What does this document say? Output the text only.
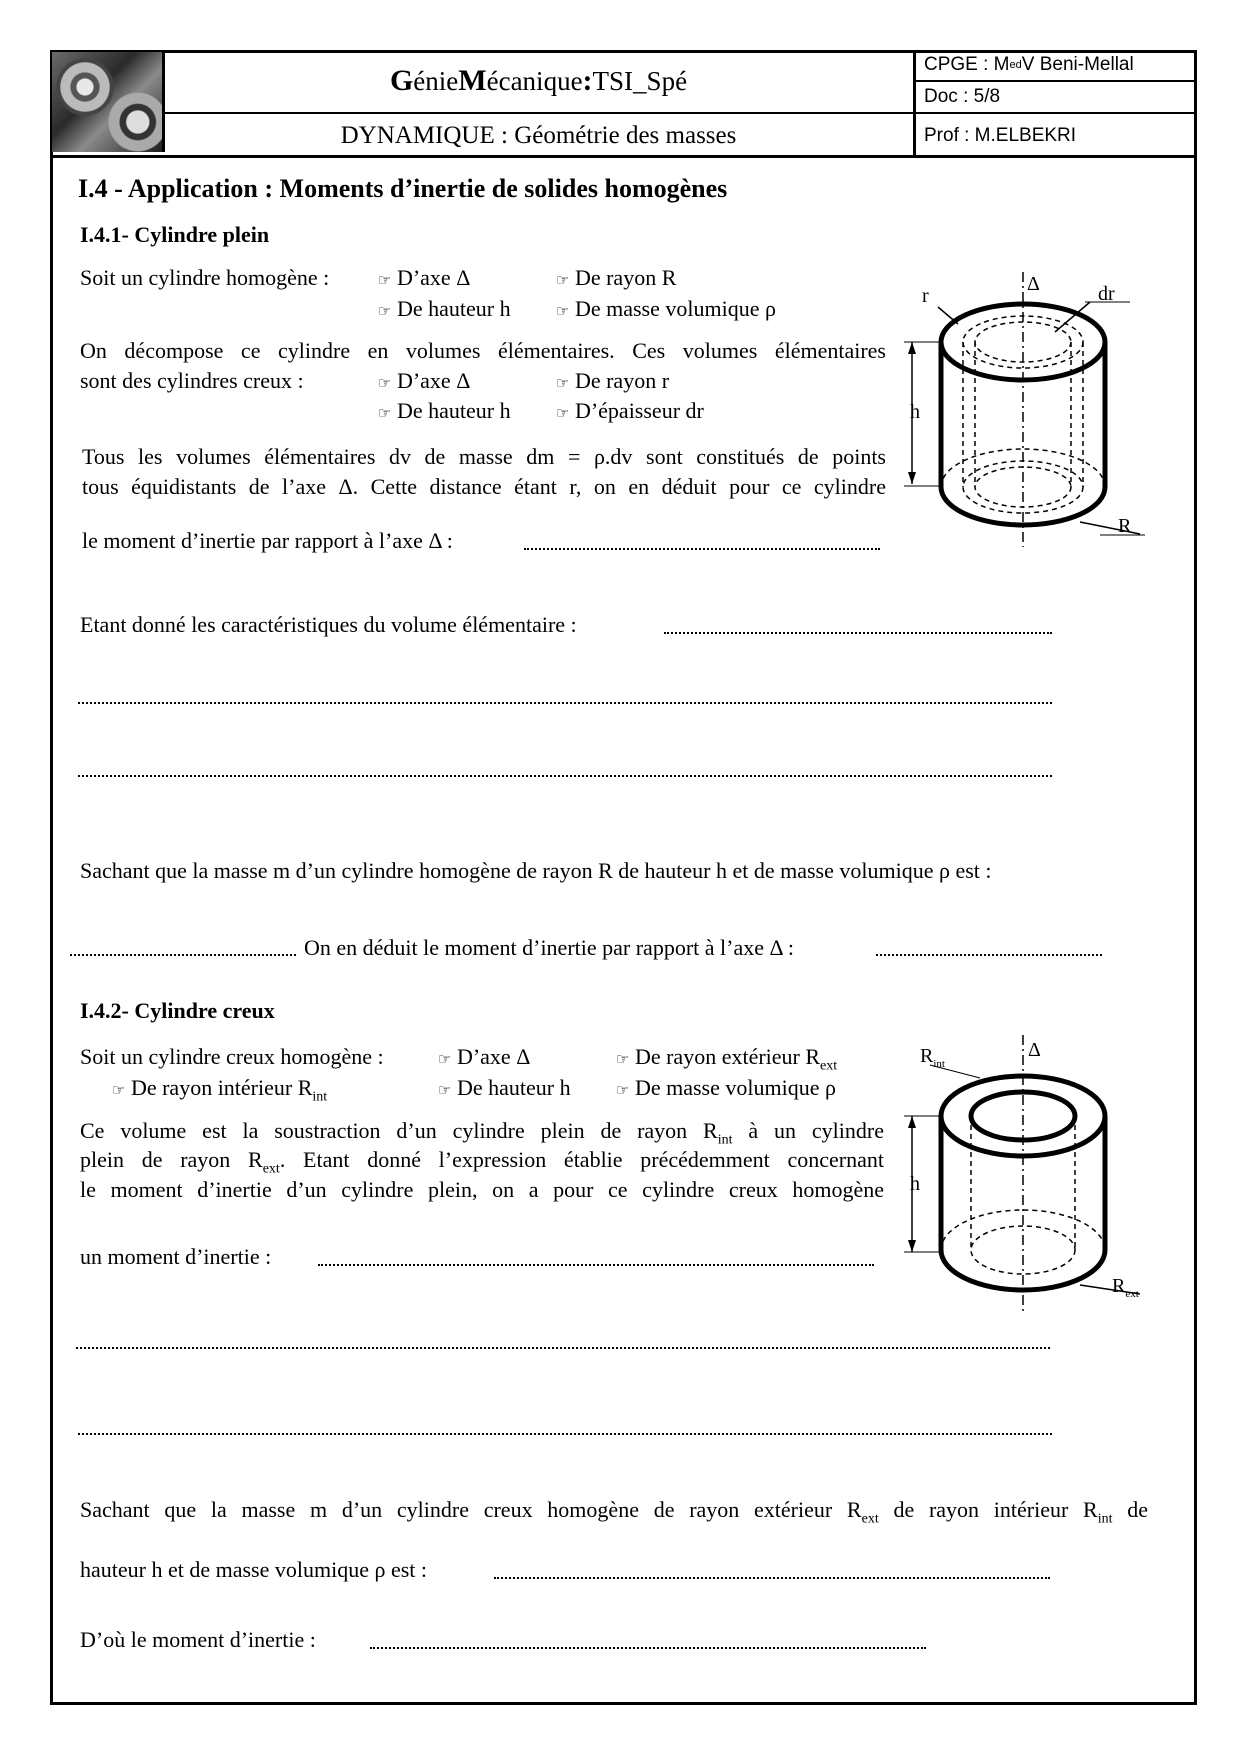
G énie M écanique : TSI_Spé
DYNAMIQUE : Géométrie des masses
CPGE : M ed V Beni-Mellal
Doc : 5/8
Prof : M.ELBEKRI
I.4 - Application : Moments d’inertie de solides homogènes
I.4.1- Cylindre plein
Soit un cylindre homogène :	☞ D’axe Δ	☞ De rayon R
☞ De hauteur h	☞ De masse volumique ρ
On décompose ce cylindre en volumes élémentaires. Ces volumes élémentaires
sont des cylindres creux :	☞ D’axe Δ	☞ De rayon r
☞ De hauteur h	☞ D’épaisseur dr
Tous les volumes élémentaires dv de masse dm = ρ.dv sont constitués de points
tous équidistants de l’axe Δ. Cette distance étant r, on en déduit pour ce cylindre
le moment d’inertie par rapport à l’axe Δ :
Etant donné les caractéristiques du volume élémentaire :
Sachant que la masse m d’un cylindre homogène de rayon R de hauteur h et de masse volumique ρ est :
On en déduit le moment d’inertie par rapport à l’axe Δ :
r
Δ	dr
h
R
I.4.2- Cylindre creux
Soit un cylindre creux homogène :	☞ D’axe Δ	☞ De rayon extérieur $R_{ext}$
☞ De rayon intérieur $R_{int}$	☞ De hauteur h	☞ De masse volumique ρ
Ce volume est la soustraction d’un cylindre plein de rayon $R_{int}$ à un cylindre
plein de rayon $R_{ext}$. Etant donné l’expression établie précédemment concernant
le moment d’inertie d’un cylindre plein, on a pour ce cylindre creux homogène
un moment d’inertie :
Sachant que la masse m d’un cylindre creux homogène de rayon extérieur $R_{ext}$ de rayon intérieur $R_{int}$ de
hauteur h et de masse volumique ρ est :
D’où le moment d’inertie :
$R_{int}$
Δ
h
$R_{ext}$
